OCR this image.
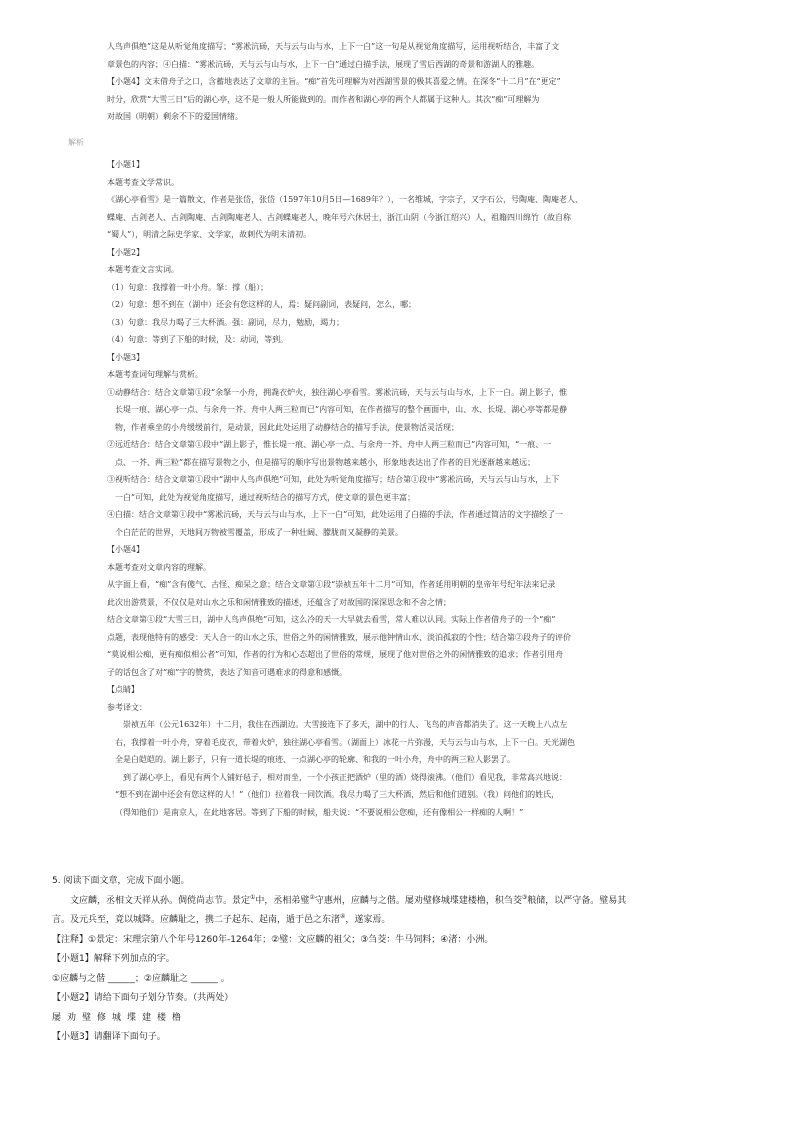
人鸟声俱绝”这是从听觉角度描写；“雾凇沆砀，天与云与山与水，上下一白”这一句是从视觉角度描写，运用视听结合，丰富了文

章景色的内容；④白描：“雾凇沆砀，天与云与山与水，上下一白”通过白描手法，展现了雪后西湖的奇景和游湖人的雅趣。

【小题4】文末借舟子之口，含蓄地表达了文章的主旨。“痴”首先可理解为对西湖雪景的极其喜爱之情。在深冬“十二月”在“更定”

时分，欣赏“大雪三日”后的湖心亭，这不是一般人所能做到的。而作者和湖心亭的两个人都属于这种人。其次“痴”可理解为

对故国（明朝）剩余不下的爱国情绪。

解析

【小题1】

本题考查文学常识。

《湖心亭看雪》是一篇散文，作者是张岱，张岱（1597年10月5日—1689年？），一名维城，字宗子，又字石公，号陶庵、陶庵老人、

蝶庵、古剑老人、古剑陶庵、古剑陶庵老人、古剑蝶庵老人，晚年号六休居士，浙江山阴（今浙江绍兴）人，祖籍四川绵竹（故自称

“蜀人”），明清之际史学家、文学家，故刺代为明末清初。

【小题2】

本题考查文言实词。

（1）句意：我撑着一叶小舟。拏：撑（船）；

（2）句意：想不到在（湖中）还会有您这样的人，焉：疑问副词，表疑问，怎么，哪；

（3）句意：我尽力喝了三大杯酒。强：副词，尽力，勉励，竭力；

（4）句意：等到了下船的时候，及：动词，等到。

【小题3】

本题考查词句理解与赏析。

①动静结合：结合文章第①段“余拏一小舟，拥毳衣炉火，独往湖心亭看雪。雾凇沆砀，天与云与山与水，上下一白。湖上影子，惟

长堤一痕、湖心亭一点、与余舟一芥、舟中人两三粒而已”内容可知，在作者描写的整个画面中，山、水、长堤、湖心亭等都是静

物，作者乘坐的小舟缓缓前行，是动景，因此此处运用了动静结合的描写手法，使景物活灵活现；

②远近结合：结合文章第①段中“湖上影子，惟长堤一痕、湖心亭一点、与余舟一芥、舟中人两三粒而已”内容可知，“一痕、一

点、一芥、两三粒”都在描写景物之小，但是描写的顺序写出景物越来越小，形象地表达出了作者的目光逐渐越来越远；

③视听结合：结合文章第①段中“湖中人鸟声俱绝”可知，此处为听觉角度描写；结合第①段中“雾凇沆砀，天与云与山与水，上下

一白”可知，此处为视觉角度描写，通过视听结合的描写方式，使文章的景色更丰富；

④白描：结合文章第①段中“雾凇沆砀，天与云与山与水，上下一白”可知，此处运用了白描的手法，作者通过简洁的文字描绘了一

个白茫茫的世界，天地间万物被雪覆盖，形成了一种壮阔、朦胧而又凝静的美景。

【小题4】

本题考查对文章内容的理解。

从字面上看，“痴”含有傻气、古怪、痴呆之意；结合文章第①段“崇祯五年十二月”可知，作者延用明朝的皇帝年号纪年法来记录

此次出游赏景，不仅仅是对山水之乐和闲情雅致的描述，还蕴含了对故国的深深思念和不舍之情；

结合文章第①段“大雪三日，湖中人鸟声俱绝”可知，这么冷的天一大早就去看雪，常人难以认同。实际上作者借舟子的一个“痴”

点题，表现他特有的感受：天人合一的山水之乐，世俗之外的闲情雅致，展示他钟情山水、淡泊孤寂的个性；结合第②段舟子的评价

“莫说相公痴，更有痴似相公者”可知，作者的行为和心态超出了世俗的常规，展现了他对世俗之外的闲情雅致的追求；作者引用舟

子的话包含了对“痴”字的赞赏，表达了知音可遇难求的得意和感慨。

【点睛】

参考译文：

崇祯五年（公元1632年）十二月，我住在西湖边。大雪接连下了多天，湖中的行人、飞鸟的声音都消失了。这一天晚上八点左

右，我撑着一叶小舟，穿着毛皮衣，带着火炉，独往湖心亭看雪。（湖面上）冰花一片弥漫，天与云与山与水，上下一白。天光湖色

全是白皑皑的。湖上影子，只有一道长堤的痕迹、一点湖心亭的轮廓、和我的一叶小舟，舟中的两三粒人影罢了。

到了湖心亭上，看见有两个人铺好毡子，相对而坐，一个小孩正把酒炉（里的酒）烧得滚沸。（他们）看见我，非常高兴地说：

“想不到在湖中还会有您这样的人！”（他们）拉着我一同饮酒。我尽力喝了三大杯酒，然后和他们道别。（我）问他们的姓氏，

（得知他们）是南京人，在此地客居。等到了下船的时候，船夫说：“不要说相公您痴，还有像相公一样痴的人啊！”

5. 阅读下面文章，完成下面小题。

文应麟，丞相文天祥从孙。倜傥尚志节。景定①中，丞相弟璧②守惠州，应麟与之偕。屡劝璧修城堞建楼橹，积刍茭③粮储，以严守备。璧易其

言。及元兵至，竟以城降。应麟耻之，携二子起东、起南，遁于邑之东渚④，遂家焉。

【注释】①景定：宋理宗第八个年号1260年-1264年；②璧：文应麟的祖父；③刍茭：牛马饲料；④渚：小洲。

【小题1】解释下列加点的字。

①应麟与之偕 ______；②应麟耻之 ______ 。

【小题2】请给下面句子划分节奏。（共两处）

屡劝璧修城堞建楼橹

【小题3】请翻译下面句子。
